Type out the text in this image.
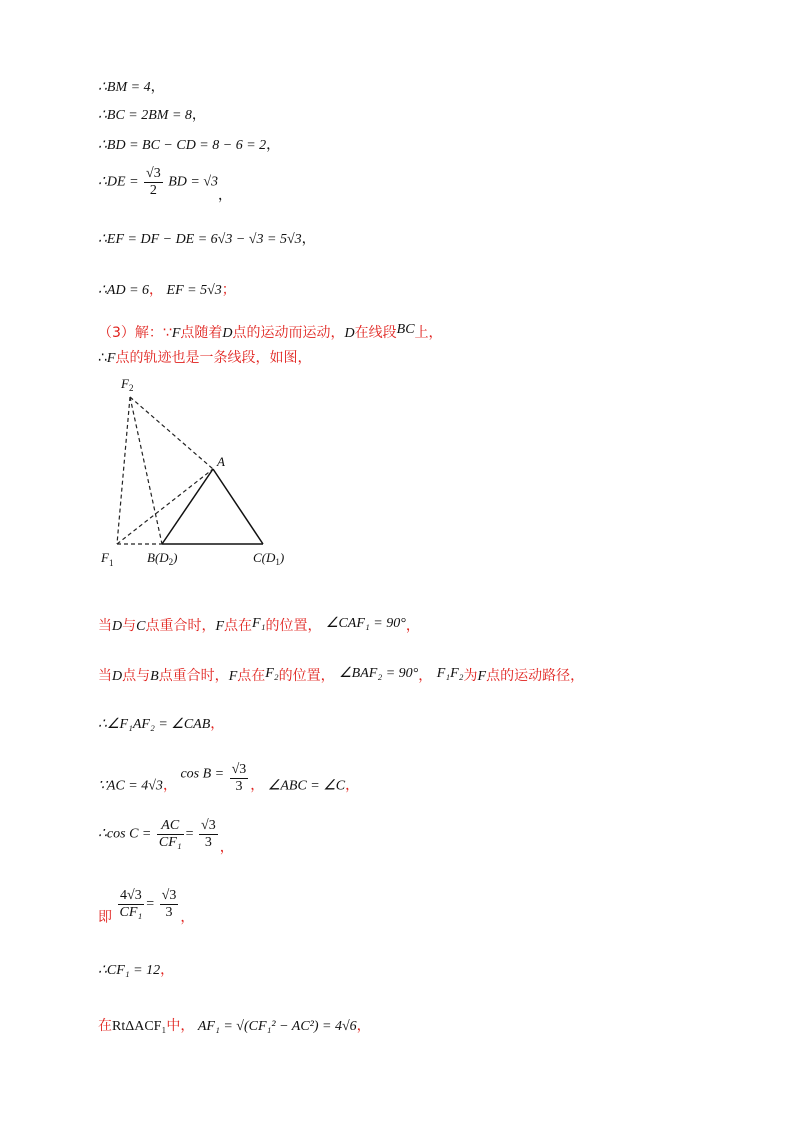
∴BM = 4，
∴BC = 2BM = 8，
∴BD = BC − CD = 8 − 6 = 2，
∴DE = $\frac{√3}{2}$ BD = √3，
∴EF = DF − DE = 6√3 − √3 = 5√3，
∴AD = 6， EF = 5√3；
（3）解：∵F点随着D点的运动而运动，D在线段BC上，
∴F点的轨迹也是一条线段，如图，
$F_2$
A
$F_1$	$B(D_2)$	$C(D_1)$
当D与C点重合时，F点在F₁的位置， ∠CAF₁ = 90°，
当D点与B点重合时，F点在F₂的位置， ∠BAF₂ = 90°， F₁F₂为F点的运动路径，
∴∠F₁AF₂ = ∠CAB，
∵AC = 4√3， $\cos B = \frac{√3}{3}$ ， ∠ABC = ∠C，
∴cos $C = \frac{AC}{\text{CF₁}} = \frac{√3}{3}$ ，
即 $\frac{4√3}{\text{CF₁}} = \frac{√3}{3}$ ，
∴CF₁ = 12，
在RtΔACF₁中， AF₁ = √(CF₁² − AC²) = 4√6，
